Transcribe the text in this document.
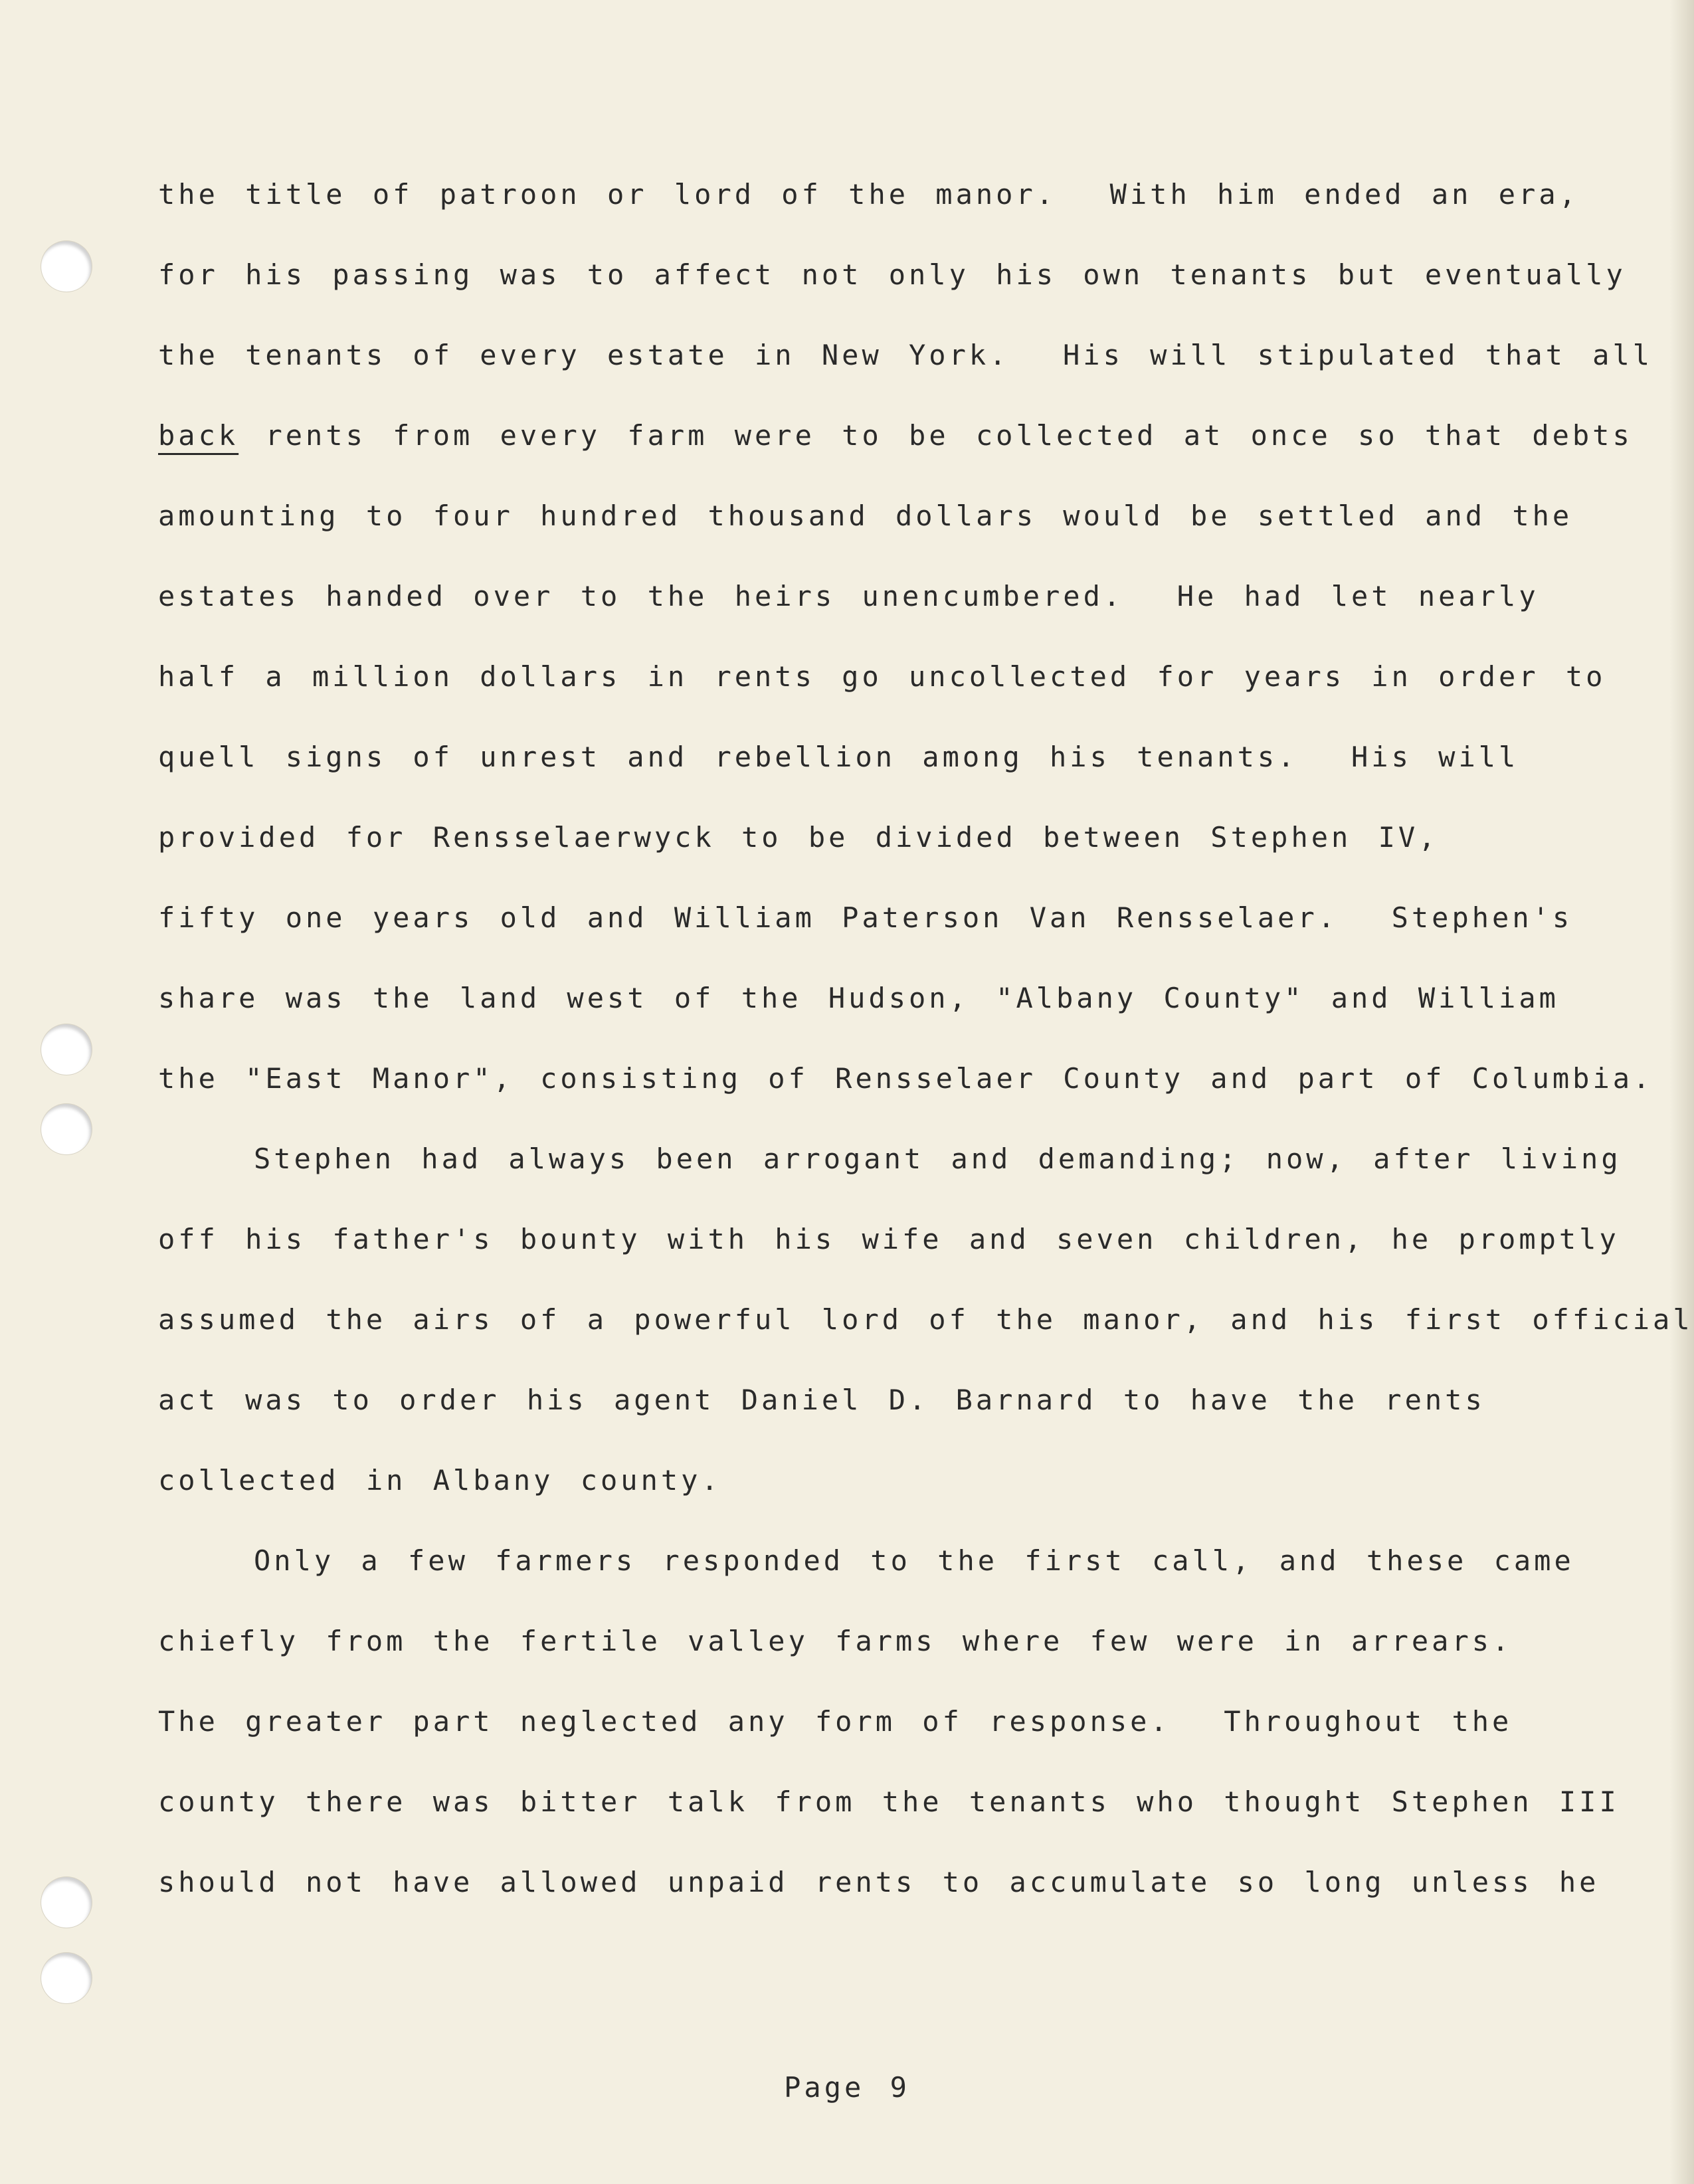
the title of patroon or lord of the manor.  With him ended an era,
for his passing was to affect not only his own tenants but eventually
the tenants of every estate in New York.  His will stipulated that all
back rents from every farm were to be collected at once so that debts
amounting to four hundred thousand dollars would be settled and the
estates handed over to the heirs unencumbered.  He had let nearly
half a million dollars in rents go uncollected for years in order to
quell signs of unrest and rebellion among his tenants.  His will
provided for Rensselaerwyck to be divided between Stephen IV,
fifty one years old and William Paterson Van Rensselaer.  Stephen's
share was the land west of the Hudson, "Albany County" and William
the "East Manor", consisting of Rensselaer County and part of Columbia.
Stephen had always been arrogant and demanding; now, after living
off his father's bounty with his wife and seven children, he promptly
assumed the airs of a powerful lord of the manor, and his first official
act was to order his agent Daniel D. Barnard to have the rents
collected in Albany county.
Only a few farmers responded to the first call, and these came
chiefly from the fertile valley farms where few were in arrears.
The greater part neglected any form of response.  Throughout the
county there was bitter talk from the tenants who thought Stephen III
should not have allowed unpaid rents to accumulate so long unless he
Page 9
